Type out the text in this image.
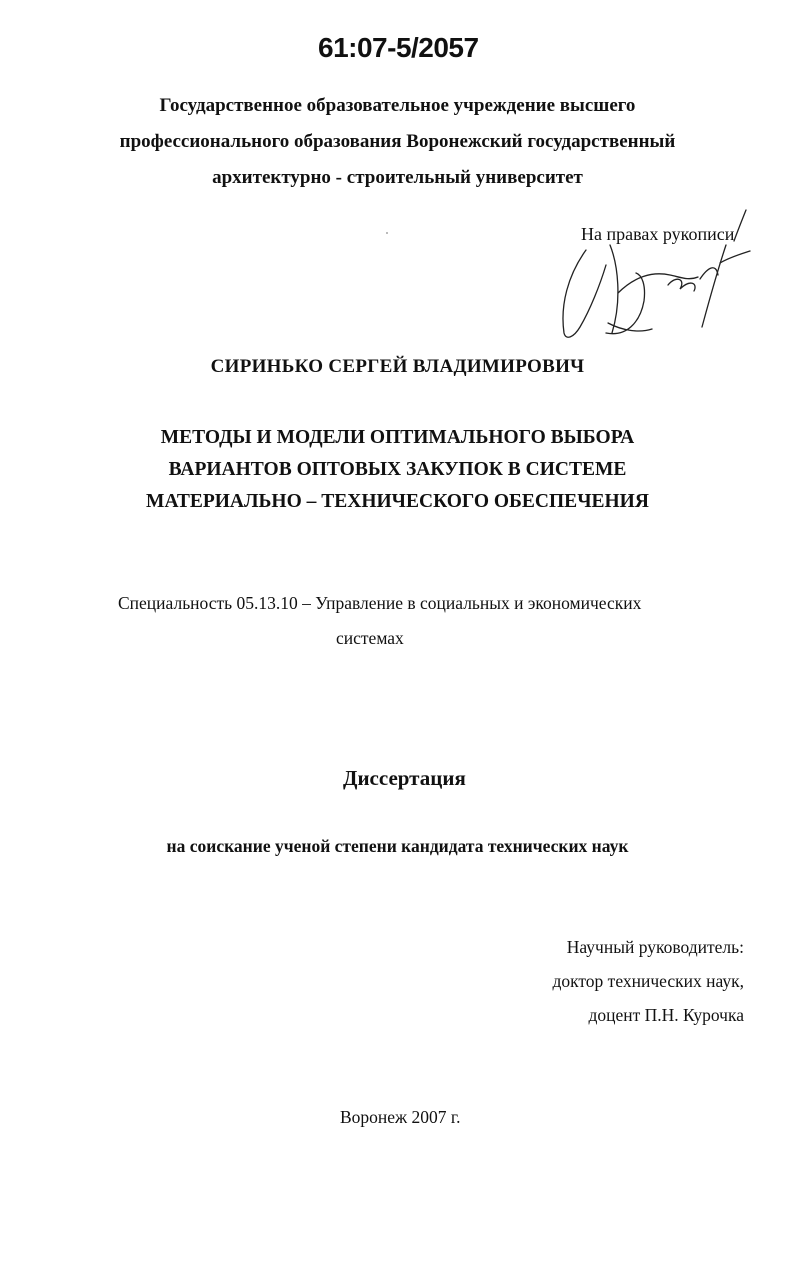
61:07-5/2057
Государственное образовательное учреждение высшего
профессионального образования Воронежский государственный
архитектурно - строительный университет
На правах рукописи
СИРИНЬКО СЕРГЕЙ ВЛАДИМИРОВИЧ
МЕТОДЫ И МОДЕЛИ ОПТИМАЛЬНОГО ВЫБОРА
ВАРИАНТОВ ОПТОВЫХ ЗАКУПОК В СИСТЕМЕ
МАТЕРИАЛЬНО – ТЕХНИЧЕСКОГО ОБЕСПЕЧЕНИЯ
Специальность 05.13.10 – Управление в социальных и экономических
системах
Диссертация
на соискание ученой степени кандидата технических наук
Научный руководитель:
доктор технических наук,
доцент П.Н. Курочка
Воронеж 2007 г.
